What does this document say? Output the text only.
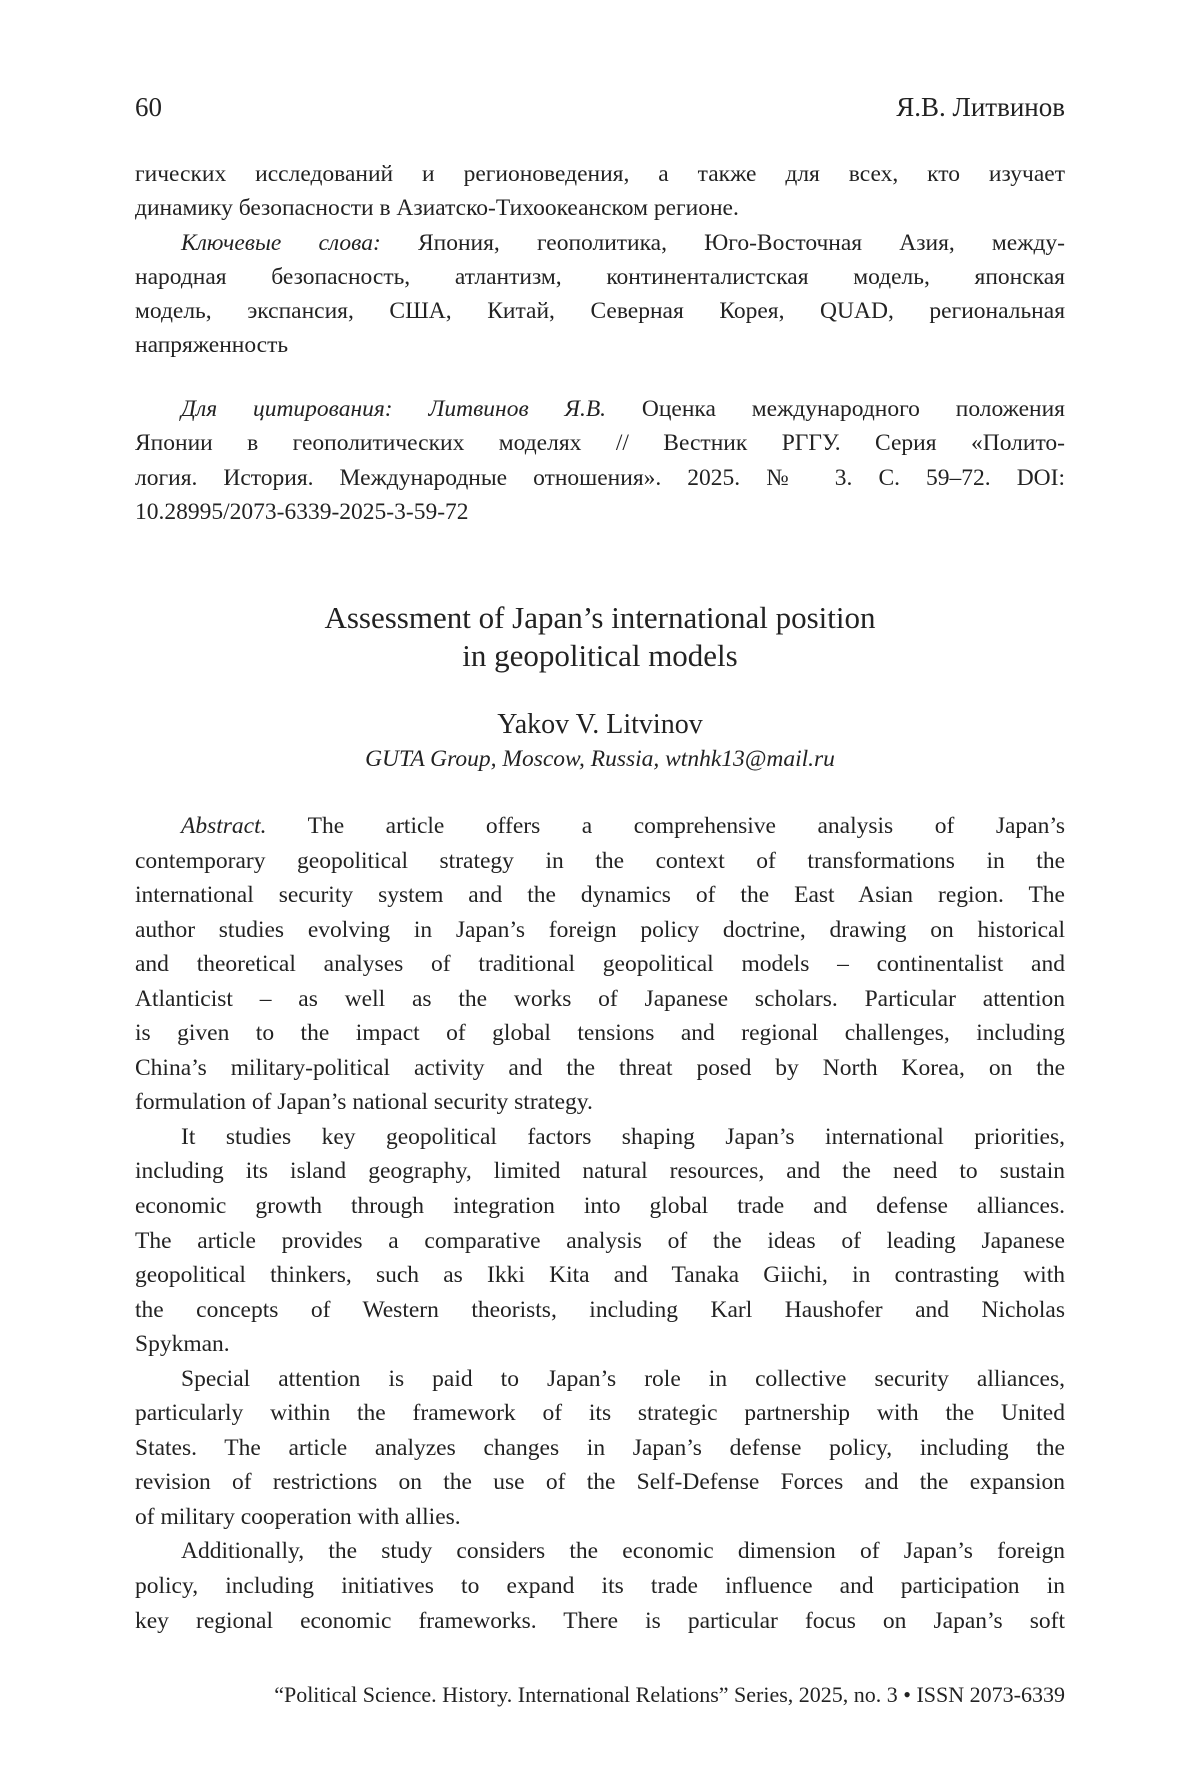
60	Я.В. Литвинов
гических исследований и регионоведения, а также для всех, кто изучает
динамику безопасности в Азиатско-Тихоокеанском регионе.
Ключевые слова: Япония, геополитика, Юго-Восточная Азия, между-
народная безопасность, атлантизм, континенталистская модель, японская
модель, экспансия, США, Китай, Северная Корея, QUAD, региональная
напряженность
Для цитирования: Литвинов Я.В. Оценка международного положения
Японии в геополитических моделях // Вестник РГГУ. Серия «Полито-
логия. История. Международные отношения». 2025. № 3. С. 59–72. DOI:
10.28995/2073-6339-2025-3-59-72
Assessment of Japan’s international position
in geopolitical models
Yakov V. Litvinov
GUTA Group, Moscow, Russia, wtnhk13@mail.ru
Abstract. The article offers a comprehensive analysis of Japan’s
contemporary geopolitical strategy in the context of transformations in the
international security system and the dynamics of the East Asian region. The
author studies evolving in Japan’s foreign policy doctrine, drawing on historical
and theoretical analyses of traditional geopolitical models – continentalist and
Atlanticist – as well as the works of Japanese scholars. Particular attention
is given to the impact of global tensions and regional challenges, including
China’s military-political activity and the threat posed by North Korea, on the
formulation of Japan’s national security strategy.
It studies key geopolitical factors shaping Japan’s international priorities,
including its island geography, limited natural resources, and the need to sustain
economic growth through integration into global trade and defense alliances.
The article provides a comparative analysis of the ideas of leading Japanese
geopolitical thinkers, such as Ikki Kita and Tanaka Giichi, in contrasting with
the concepts of Western theorists, including Karl Haushofer and Nicholas
Spykman.
Special attention is paid to Japan’s role in collective security alliances,
particularly within the framework of its strategic partnership with the United
States. The article analyzes changes in Japan’s defense policy, including the
revision of restrictions on the use of the Self-Defense Forces and the expansion
of military cooperation with allies.
Additionally, the study considers the economic dimension of Japan’s foreign
policy, including initiatives to expand its trade influence and participation in
key regional economic frameworks. There is particular focus on Japan’s soft
“Political Science. History. International Relations” Series, 2025, no. 3 • ISSN 2073-6339
